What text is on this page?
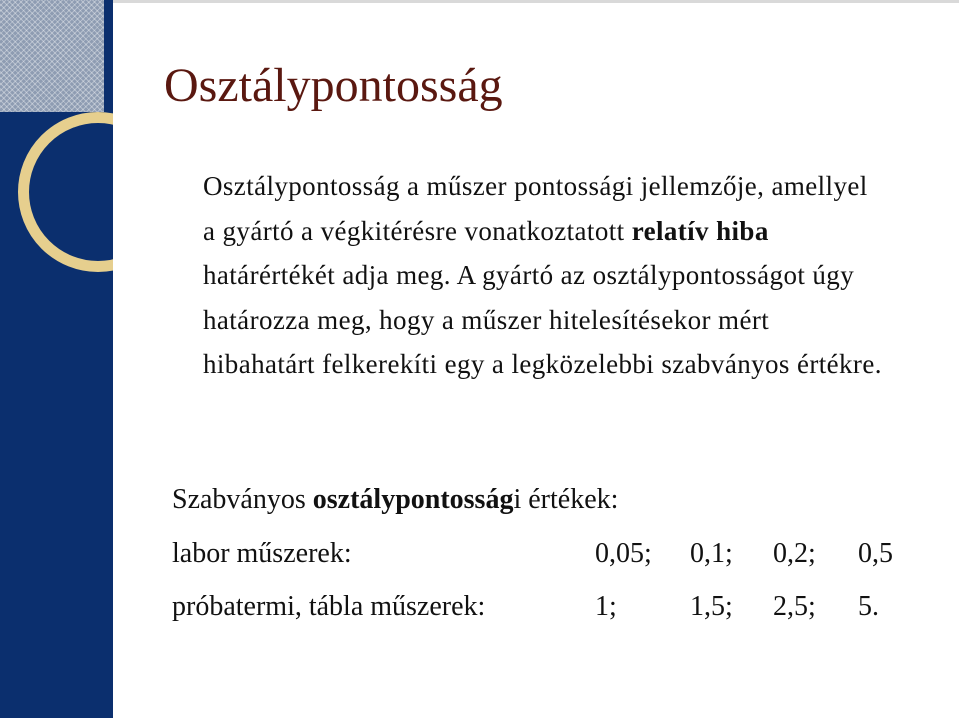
Osztálypontosság
Osztálypontosság a műszer pontossági jellemzője, amellyel a gyártó a végkitérésre vonatkoztatott relatív hiba határértékét adja meg. A gyártó az osztálypontosságot úgy határozza meg, hogy a műszer hitelesítésekor mért hibahatárt felkerekíti egy a legközelebbi szabványos értékre.
Szabványos osztálypontossági értékek:
labor műszerek:	0,05; 0,1; 0,2; 0,5
próbatermi, tábla műszerek:	1;	1,5; 2,5; 5.
